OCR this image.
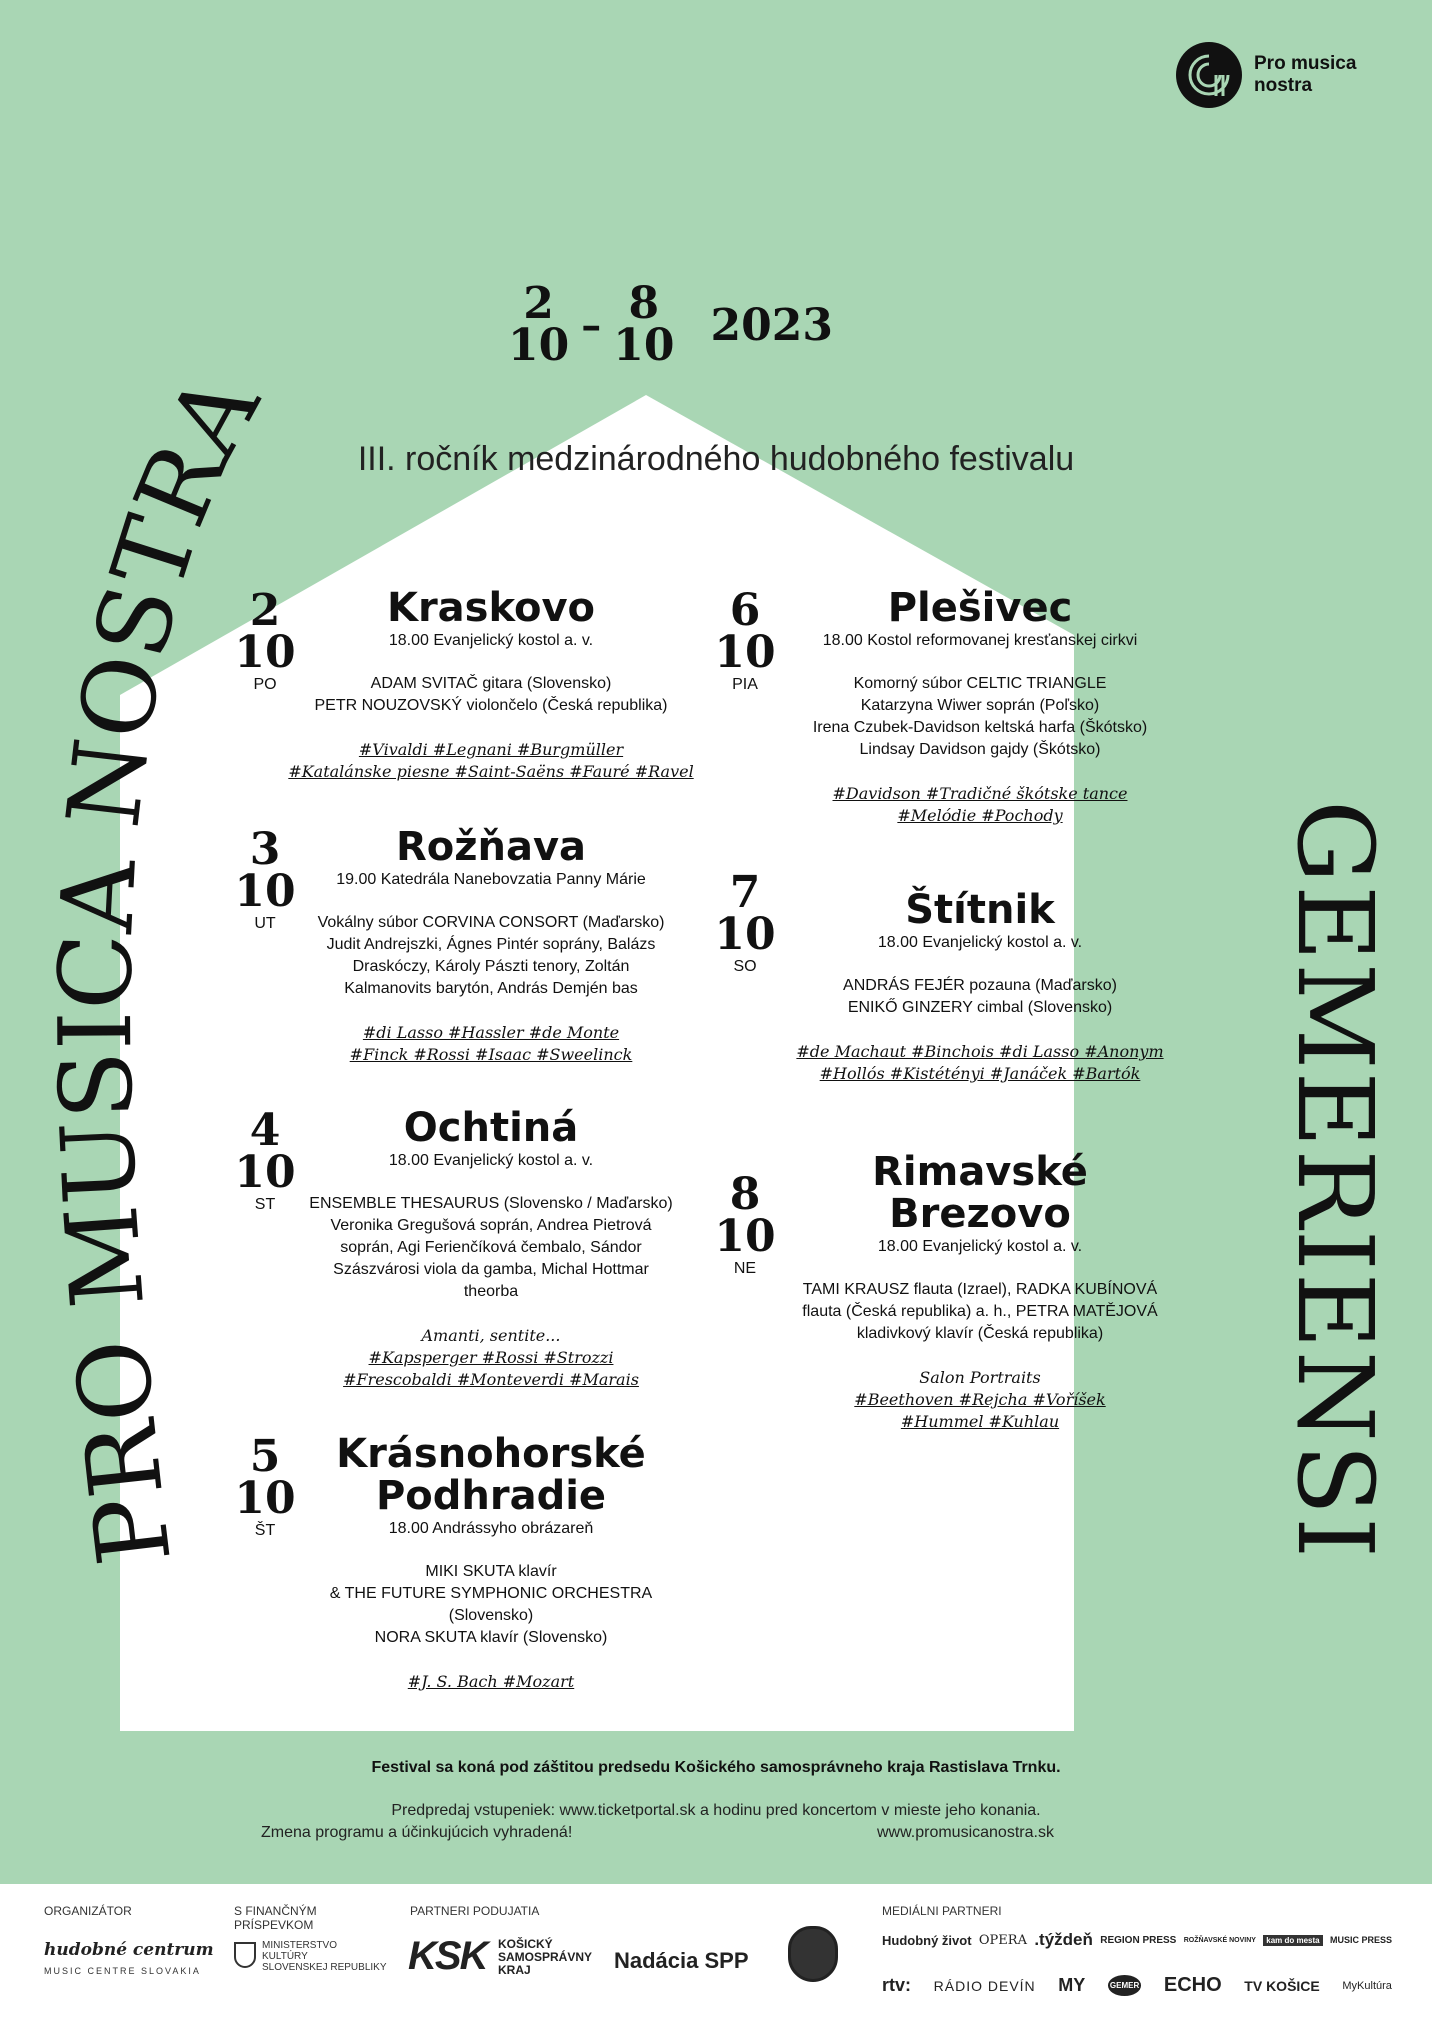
PRO MUSICA NOSTRA
GEMERIENSI
Pro musica
nostra
2
10 – 8
10 2023
III. ročník medzinárodného hudobného festivalu
2
10
PO
Kraskovo
18.00 Evanjelický kostol a. v.

ADAM SVITAČ gitara (Slovensko)

PETR NOUZOVSKÝ violončelo (Česká republika)

#Vivaldi #Legnani #Burgmüller

#Katalánske piesne #Saint-Saëns #Fauré #Ravel

3
10
UT
Rožňava
19.00 Katedrála Nanebovzatia Panny Márie

Vokálny súbor CORVINA CONSORT (Maďarsko)

Judit Andrejszki, Ágnes Pintér soprány, Balázs

Draskóczy, Károly Pászti tenory, Zoltán

Kalmanovits barytón, András Demjén bas

#di Lasso #Hassler #de Monte

#Finck #Rossi #Isaac #Sweelinck

4
10
ST
Ochtiná
18.00 Evanjelický kostol a. v.

ENSEMBLE THESAURUS (Slovensko / Maďarsko)

Veronika Gregušová soprán, Andrea Pietrová

soprán, Agi Ferienčíková čembalo, Sándor

Szászvárosi viola da gamba, Michal Hottmar

theorba

Amanti, sentite...

#Kapsperger #Rossi #Strozzi

#Frescobaldi #Monteverdi #Marais

5
10
ŠT
Krásnohorské
Podhradie
18.00 Andrássyho obrázareň

MIKI SKUTA klavír

& THE FUTURE SYMPHONIC ORCHESTRA

(Slovensko)

NORA SKUTA klavír (Slovensko)

#J. S. Bach #Mozart

6
10
PIA
Plešivec
18.00 Kostol reformovanej kresťanskej cirkvi

Komorný súbor CELTIC TRIANGLE

Katarzyna Wiwer soprán (Poľsko)

Irena Czubek-Davidson keltská harfa (Škótsko)

Lindsay Davidson gajdy (Škótsko)

#Davidson #Tradičné škótske tance

#Melódie #Pochody

7
10
SO
Štítnik
18.00 Evanjelický kostol a. v.

ANDRÁS FEJÉR pozauna (Maďarsko)

ENIKŐ GINZERY cimbal (Slovensko)

#de Machaut #Binchois #di Lasso #Anonym

#Hollós #Kistétényi #Janáček #Bartók

8
10
NE
Rimavské
Brezovo
18.00 Evanjelický kostol a. v.

TAMI KRAUSZ flauta (Izrael), RADKA KUBÍNOVÁ

flauta (Česká republika) a. h., PETRA MATĚJOVÁ

kladivkový klavír (Česká republika)

Salon Portraits

#Beethoven #Rejcha #Voříšek

#Hummel #Kuhlau

Festival sa koná pod záštitou predsedu Košického samosprávneho kraja Rastislava Trnku.
Predpredaj vstupeniek: www.ticketportal.sk a hodinu pred koncertom v mieste jeho konania.
Zmena programu a účinkujúcich vyhradená!	www.promusicanostra.sk
ORGANIZÁTOR
hudobné centrum
MUSIC CENTRE SLOVAKIA
S FINANČNÝM
PRÍSPEVKOM
MINISTERSTVO
KULTÚRY
SLOVENSKEJ REPUBLIKY
PARTNERI PODUJATIA
KSK KOŠICKÝ
SAMOSPRÁVNY
KRAJ	Nadácia SPP
MEDIÁLNI PARTNERI
Hudobný život OPERA .týždeň REGION PRESS ROŽŇAVSKÉ NOVINY	kam do mesta	MUSIC PRESS
rtv: RÁDIO DEVÍN MY	GEMER ECHO TV KOŠICE MyKultúra
